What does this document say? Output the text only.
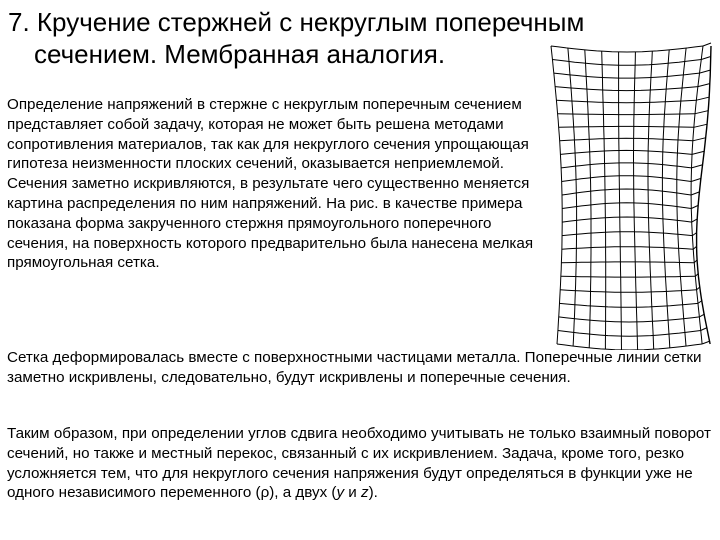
7. Кручение стержней с некруглым поперечным
сечением. Мембранная аналогия.
Определение напряжений в стержне с некруглым поперечным сечением представляет собой задачу, которая не может быть решена методами сопротивления материалов, так как для некруглого сечения упрощающая гипотеза неизменности плоских сечений, оказывается неприемлемой. Сечения заметно искривляются, в результате чего существенно меняется картина распределения по ним напряжений. На рис. в качестве примера показана форма закрученного стержня прямоугольного поперечного сечения, на поверхность которого предварительно была нанесена мелкая прямоугольная сетка.
Сетка деформировалась вместе с поверхностными частицами металла. Поперечные линии сетки заметно искривлены, следовательно, будут искривлены и поперечные сечения.
Таким образом, при определении углов сдвига необходимо учитывать не только взаимный поворот сечений, но также и местный перекос, связанный с их искривлением. Задача, кроме того, резко усложняется тем, что для некруглого сечения напряжения будут определяться в функции уже не одного независимого переменного (ρ), а двух (y и z).
